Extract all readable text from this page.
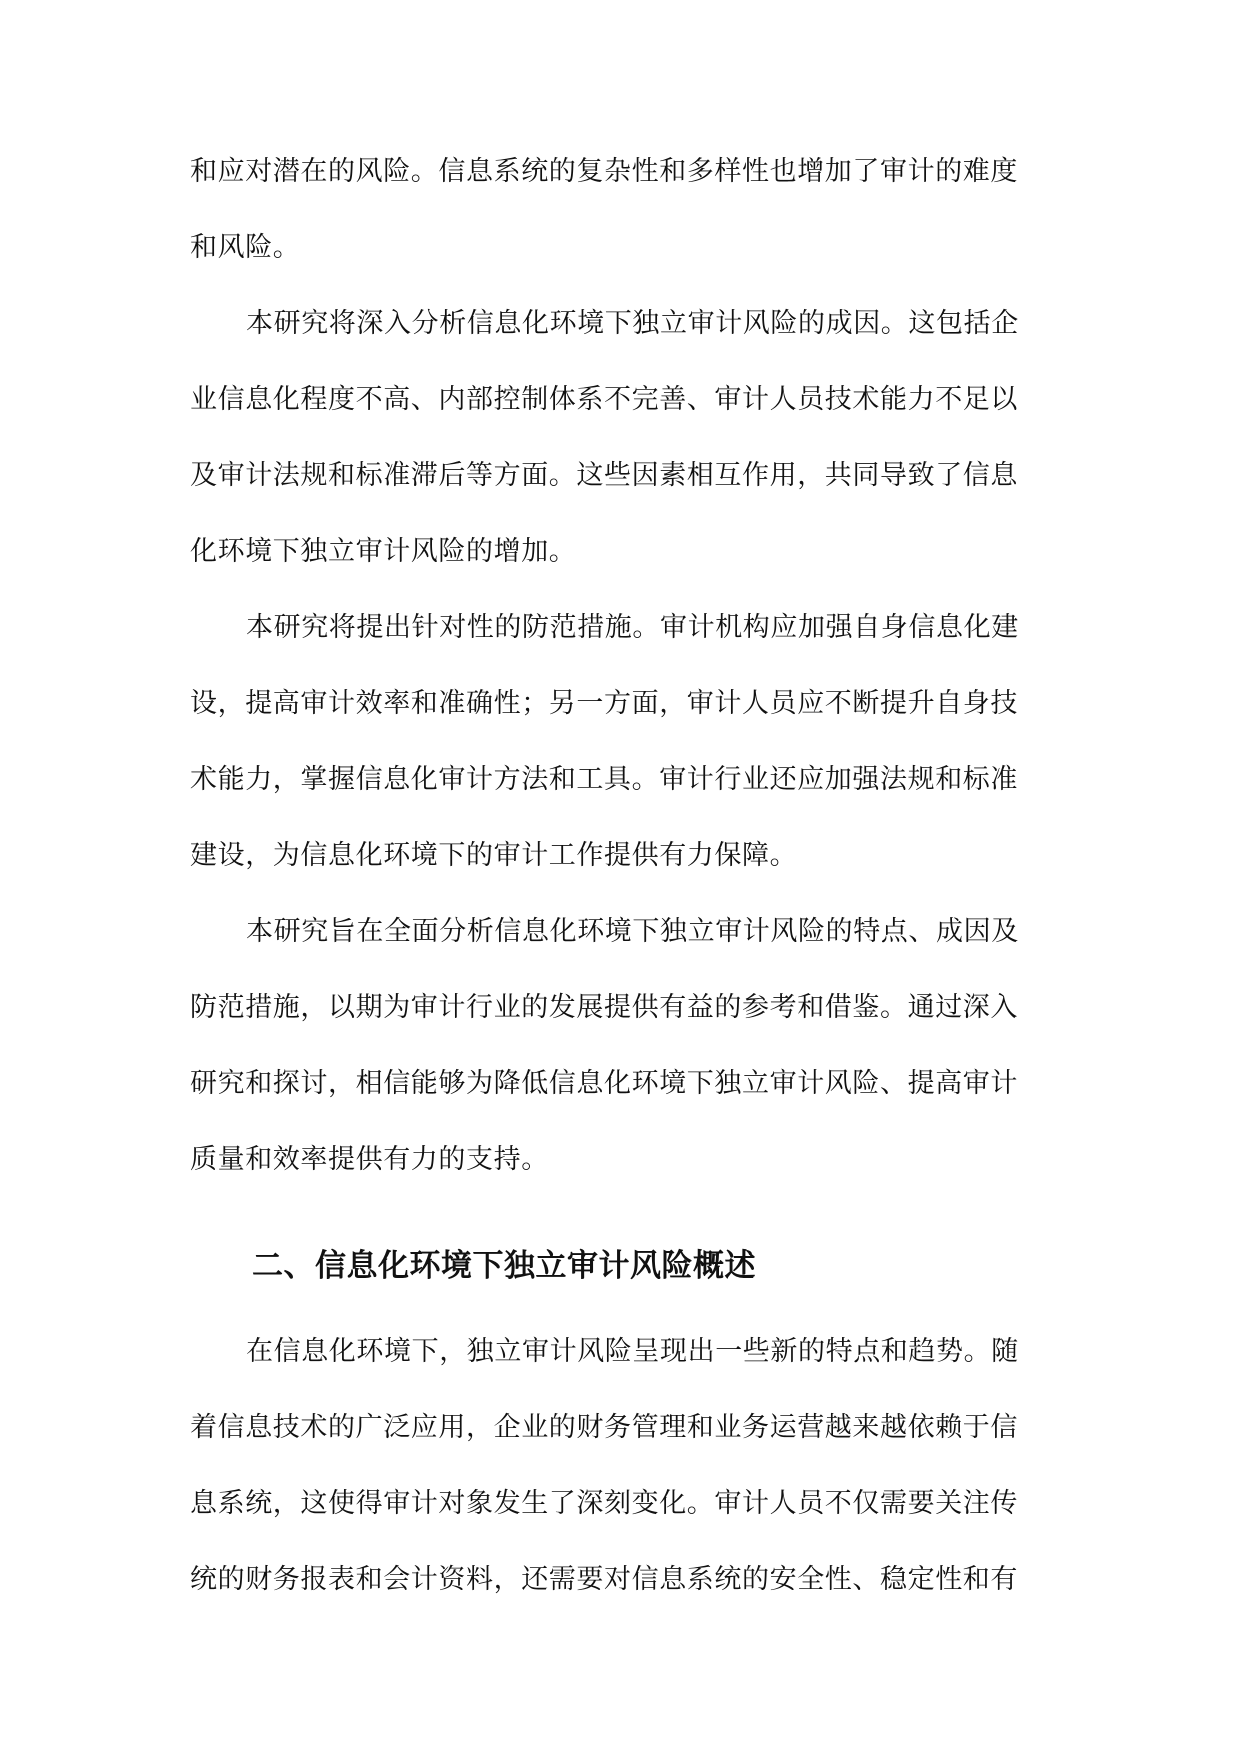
和应对潜在的风险。信息系统的复杂性和多样性也增加了审计的难度
和风险。
本研究将深入分析信息化环境下独立审计风险的成因。这包括企
业信息化程度不高、内部控制体系不完善、审计人员技术能力不足以
及审计法规和标准滞后等方面。这些因素相互作用，共同导致了信息
化环境下独立审计风险的增加。
本研究将提出针对性的防范措施。审计机构应加强自身信息化建
设，提高审计效率和准确性；另一方面，审计人员应不断提升自身技
术能力，掌握信息化审计方法和工具。审计行业还应加强法规和标准
建设，为信息化环境下的审计工作提供有力保障。
本研究旨在全面分析信息化环境下独立审计风险的特点、成因及
防范措施，以期为审计行业的发展提供有益的参考和借鉴。通过深入
研究和探讨，相信能够为降低信息化环境下独立审计风险、提高审计
质量和效率提供有力的支持。
二、信息化环境下独立审计风险概述
在信息化环境下，独立审计风险呈现出一些新的特点和趋势。随
着信息技术的广泛应用，企业的财务管理和业务运营越来越依赖于信
息系统，这使得审计对象发生了深刻变化。审计人员不仅需要关注传
统的财务报表和会计资料，还需要对信息系统的安全性、稳定性和有
